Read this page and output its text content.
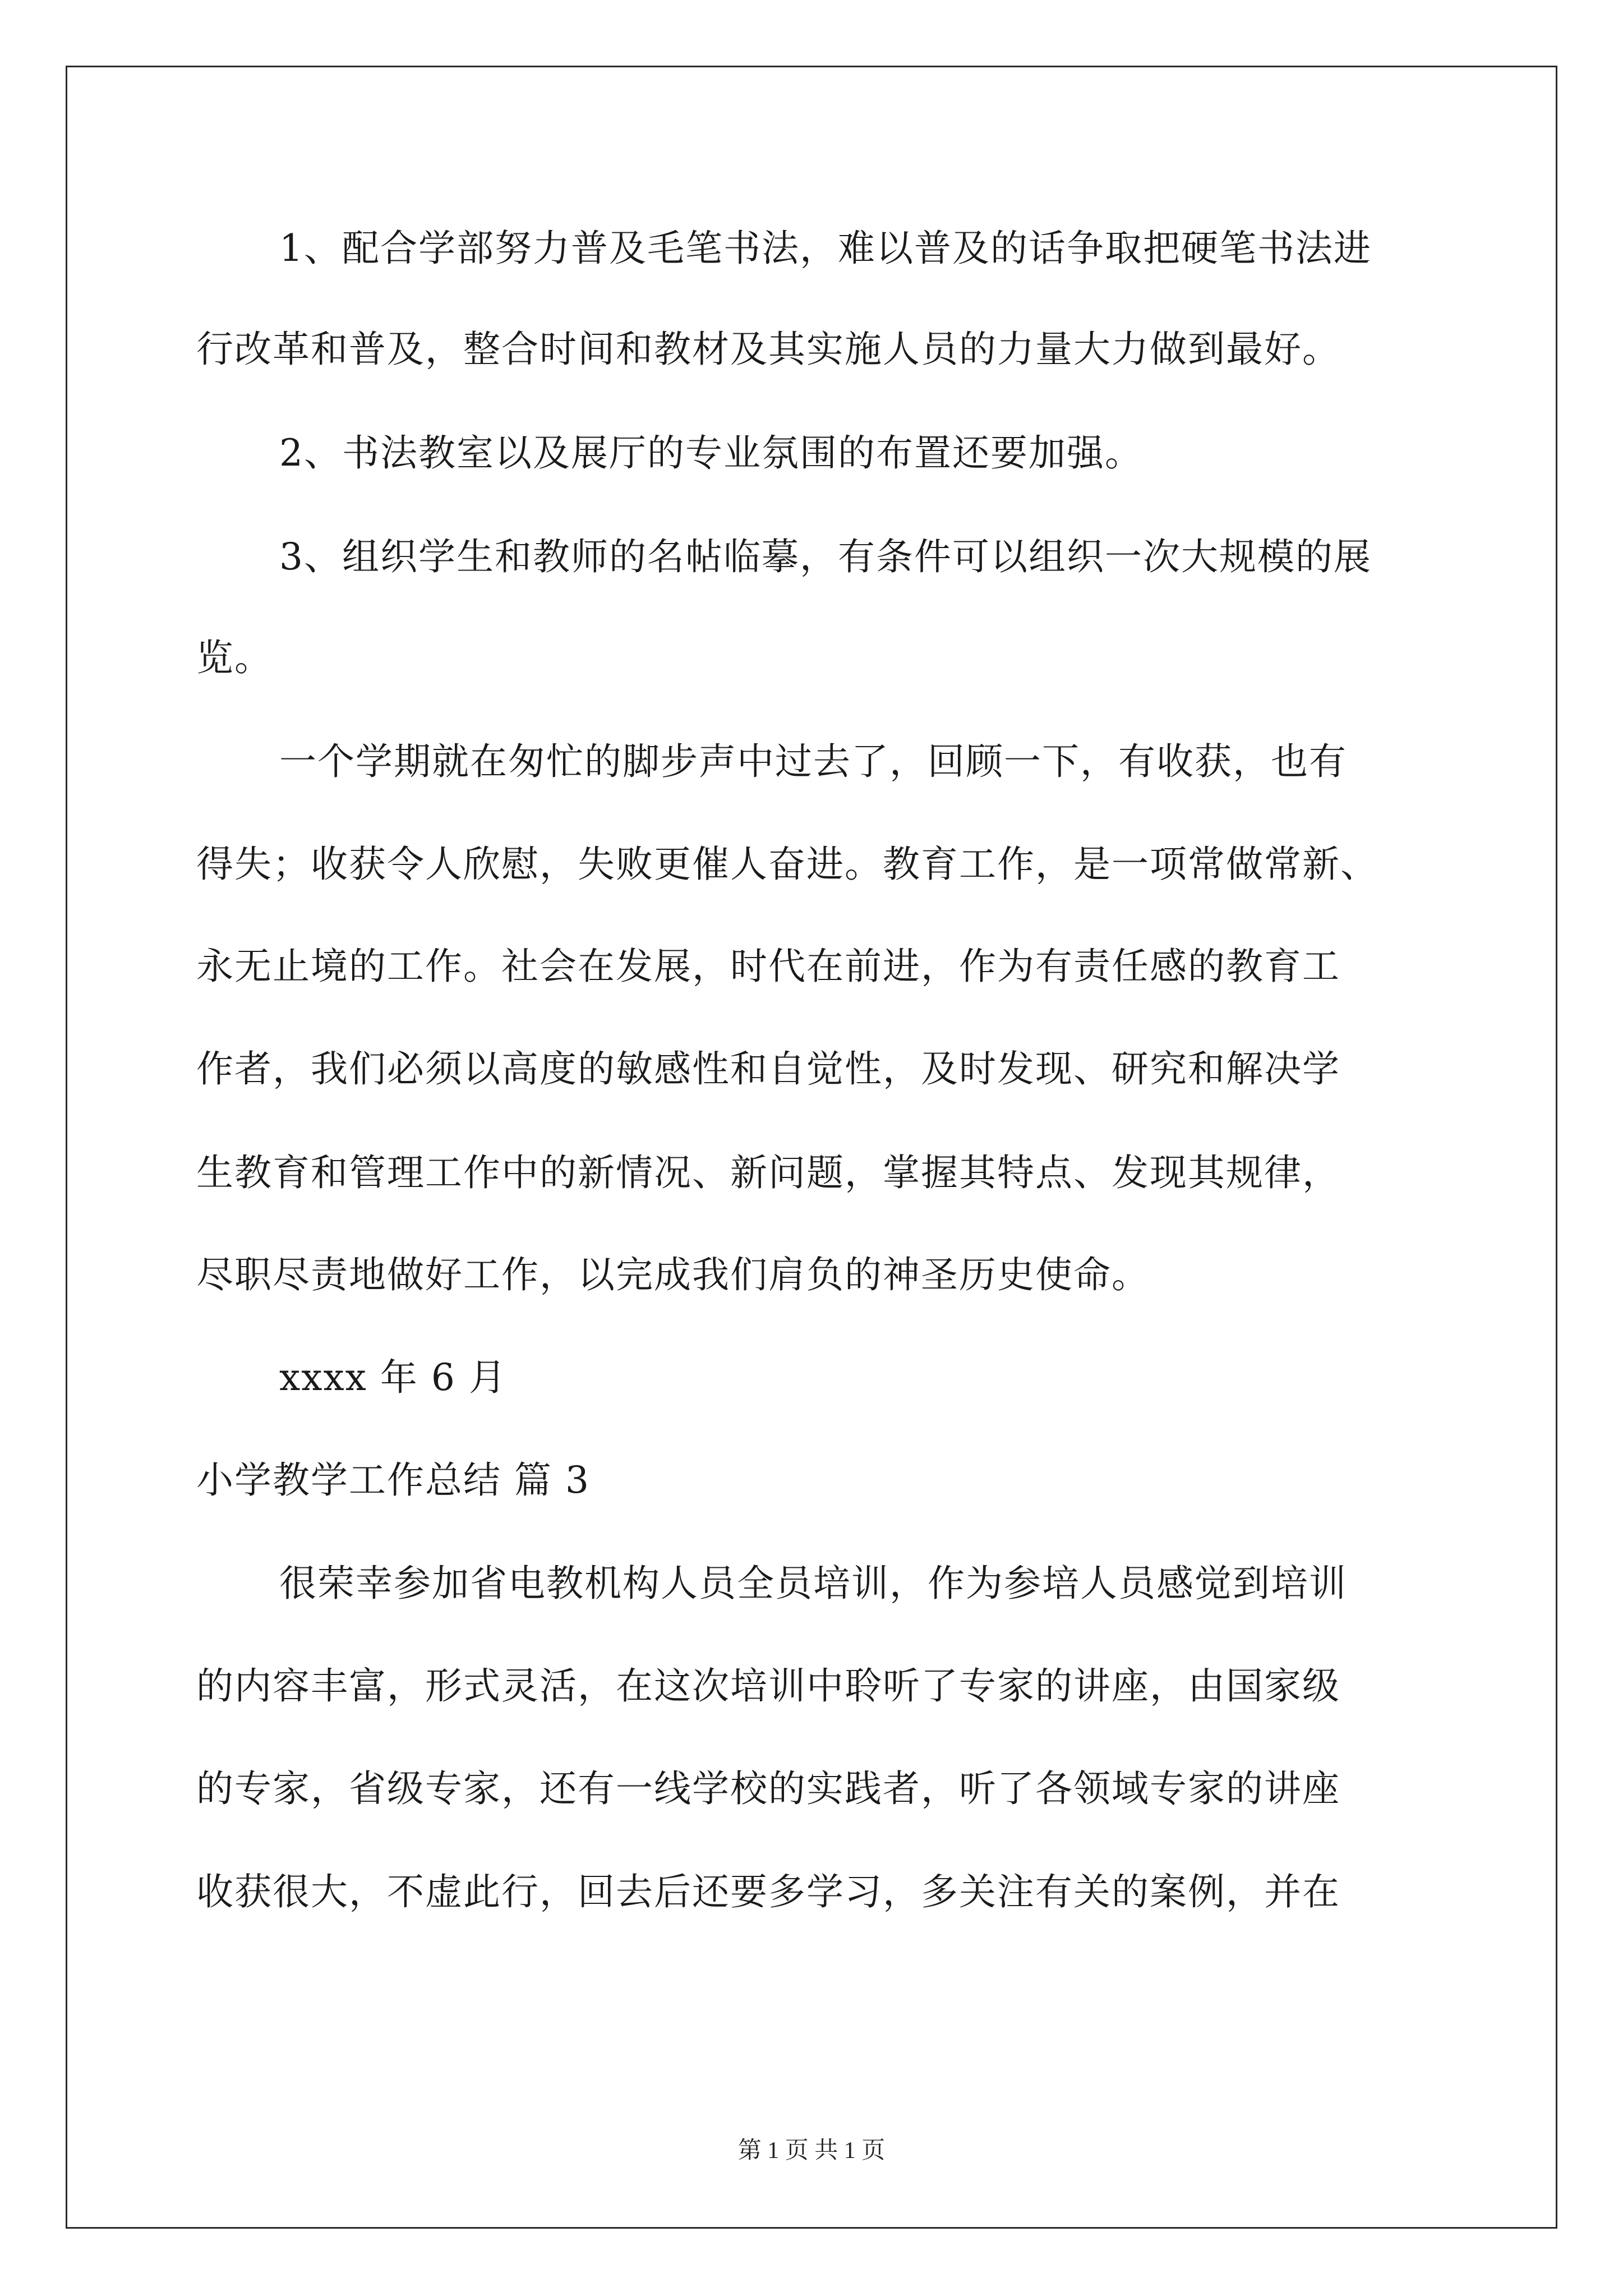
1、配合学部努力普及毛笔书法，难以普及的话争取把硬笔书法进
行改革和普及，整合时间和教材及其实施人员的力量大力做到最好。
2、书法教室以及展厅的专业氛围的布置还要加强。
3、组织学生和教师的名帖临摹，有条件可以组织一次大规模的展
览。
一个学期就在匆忙的脚步声中过去了，回顾一下，有收获，也有
得失；收获令人欣慰，失败更催人奋进。教育工作，是一项常做常新、
永无止境的工作。社会在发展，时代在前进，作为有责任感的教育工
作者，我们必须以高度的敏感性和自觉性，及时发现、研究和解决学
生教育和管理工作中的新情况、新问题，掌握其特点、发现其规律，
尽职尽责地做好工作，以完成我们肩负的神圣历史使命。
xxxx 年 6 月
小学教学工作总结 篇 3
很荣幸参加省电教机构人员全员培训，作为参培人员感觉到培训
的内容丰富，形式灵活，在这次培训中聆听了专家的讲座，由国家级
的专家，省级专家，还有一线学校的实践者，听了各领域专家的讲座
收获很大，不虚此行，回去后还要多学习，多关注有关的案例，并在
第 1 页 共 1 页
